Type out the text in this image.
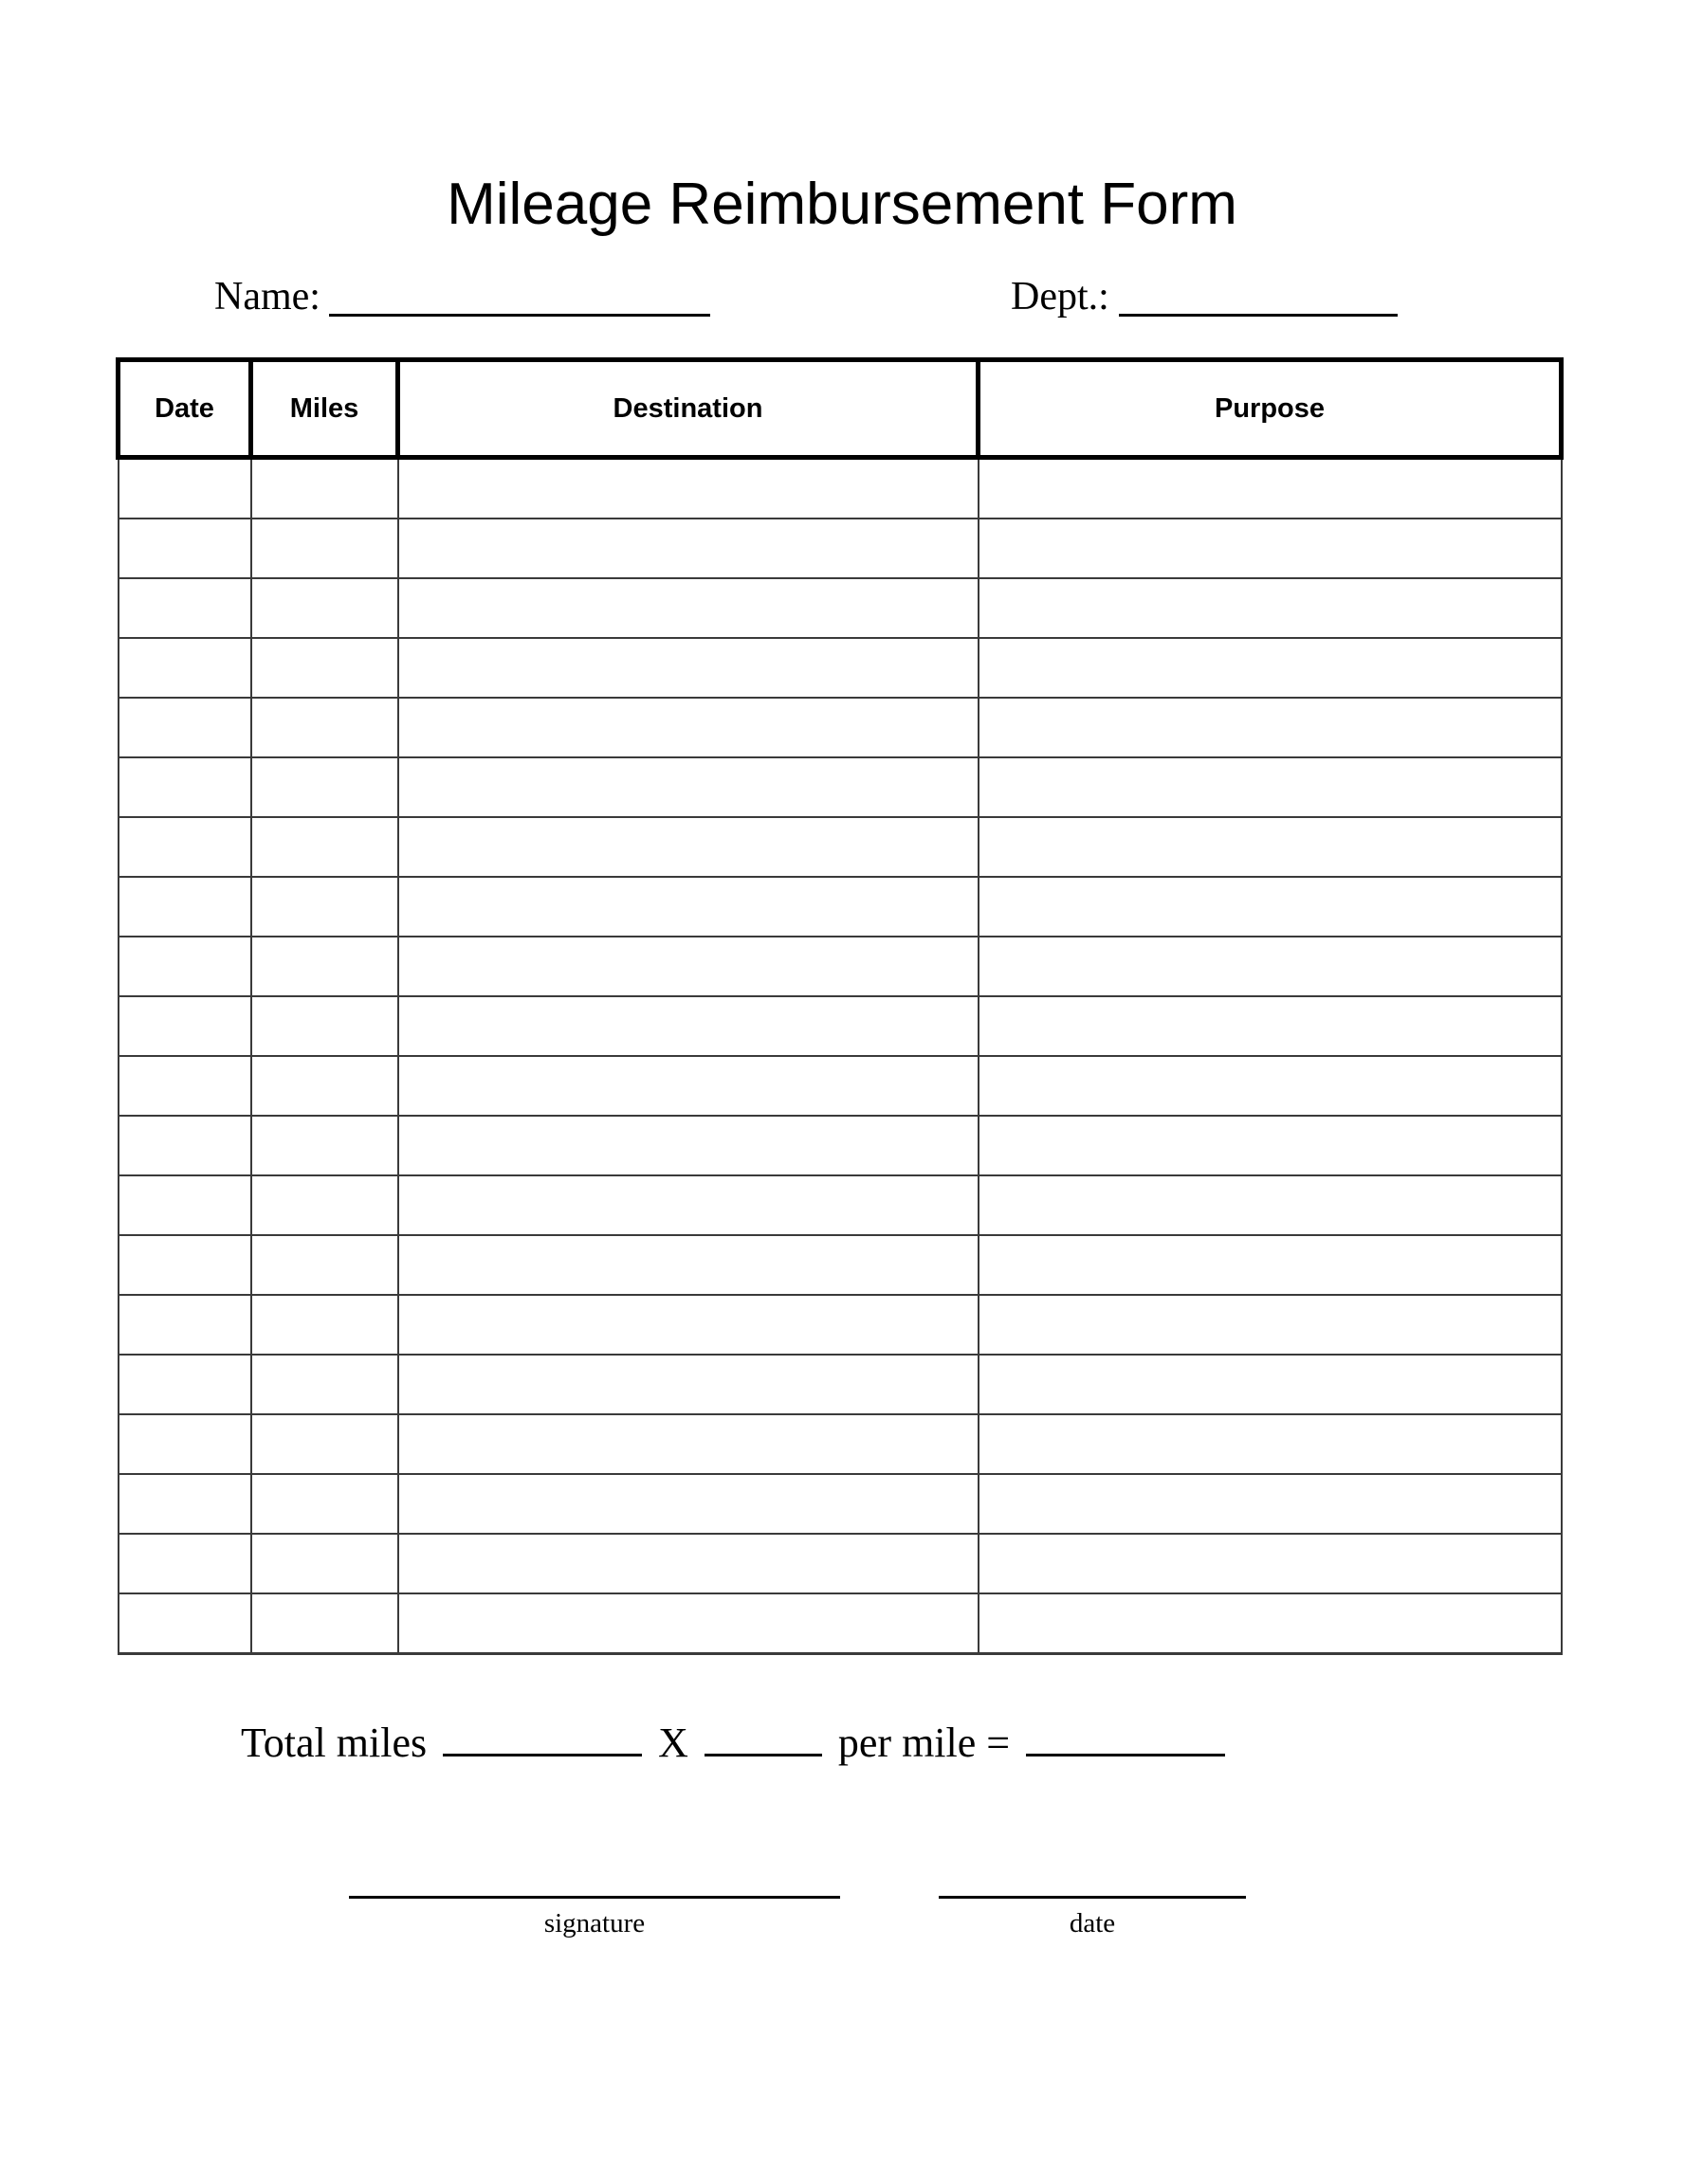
Mileage Reimbursement Form
Name:	Dept.:
Date	Miles	Destination	Purpose

Total miles	X	per mile =
signature	date
